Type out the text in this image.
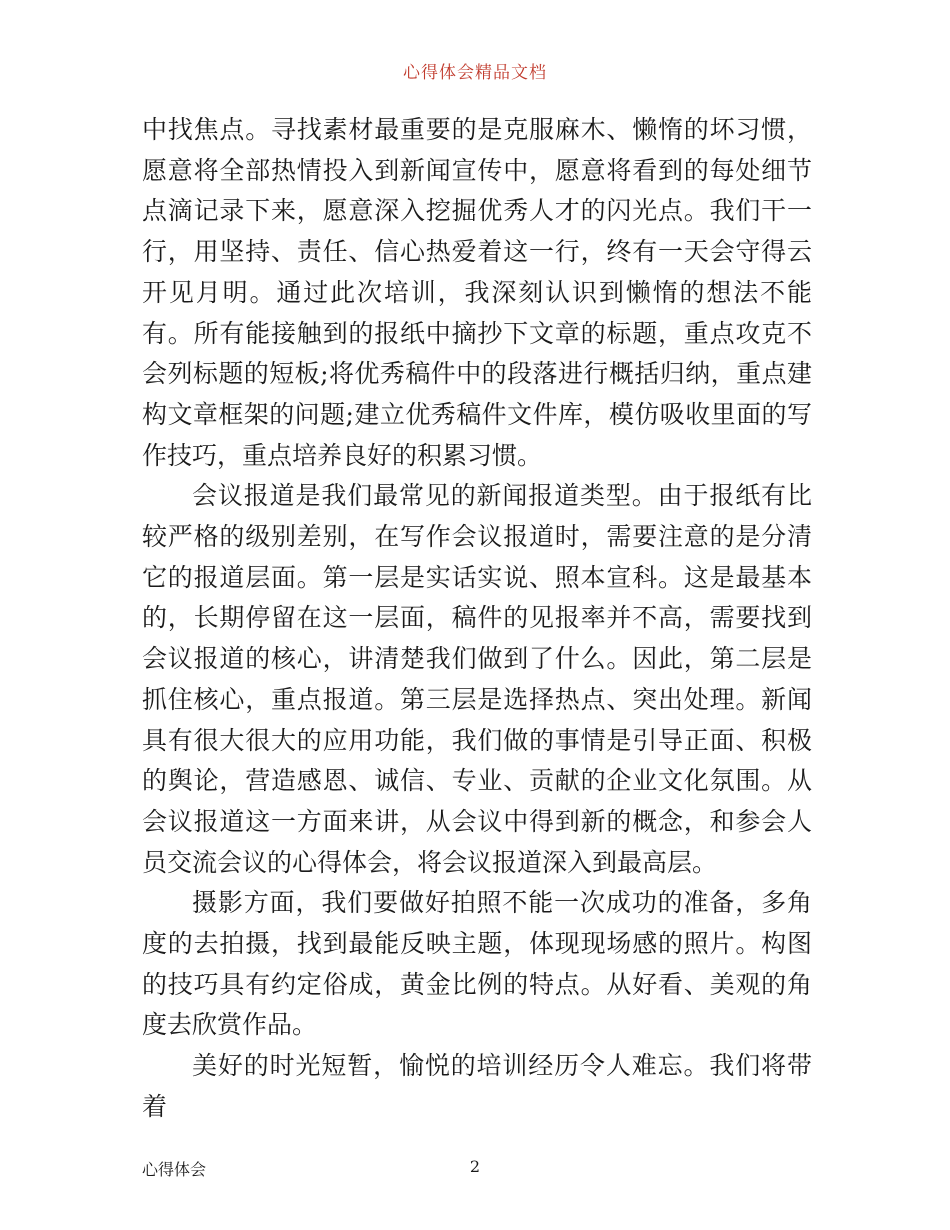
心得体会精品文档

中找焦点。寻找素材最重要的是克服麻木、懒惰的坏习惯，愿意将全部热情投入到新闻宣传中，愿意将看到的每处细节点滴记录下来，愿意深入挖掘优秀人才的闪光点。我们干一行，用坚持、责任、信心热爱着这一行，终有一天会守得云开见月明。通过此次培训，我深刻认识到懒惰的想法不能有。所有能接触到的报纸中摘抄下文章的标题，重点攻克不会列标题的短板;将优秀稿件中的段落进行概括归纳，重点建构文章框架的问题;建立优秀稿件文件库，模仿吸收里面的写作技巧，重点培养良好的积累习惯。

会议报道是我们最常见的新闻报道类型。由于报纸有比较严格的级别差别，在写作会议报道时，需要注意的是分清它的报道层面。第一层是实话实说、照本宣科。这是最基本的，长期停留在这一层面，稿件的见报率并不高，需要找到会议报道的核心，讲清楚我们做到了什么。因此，第二层是抓住核心，重点报道。第三层是选择热点、突出处理。新闻具有很大很大的应用功能，我们做的事情是引导正面、积极的舆论，营造感恩、诚信、专业、贡献的企业文化氛围。从会议报道这一方面来讲，从会议中得到新的概念，和参会人员交流会议的心得体会，将会议报道深入到最高层。

摄影方面，我们要做好拍照不能一次成功的准备，多角度的去拍摄，找到最能反映主题，体现现场感的照片。构图的技巧具有约定俗成，黄金比例的特点。从好看、美观的角度去欣赏作品。

美好的时光短暂，愉悦的培训经历令人难忘。我们将带着

心得体会	2
